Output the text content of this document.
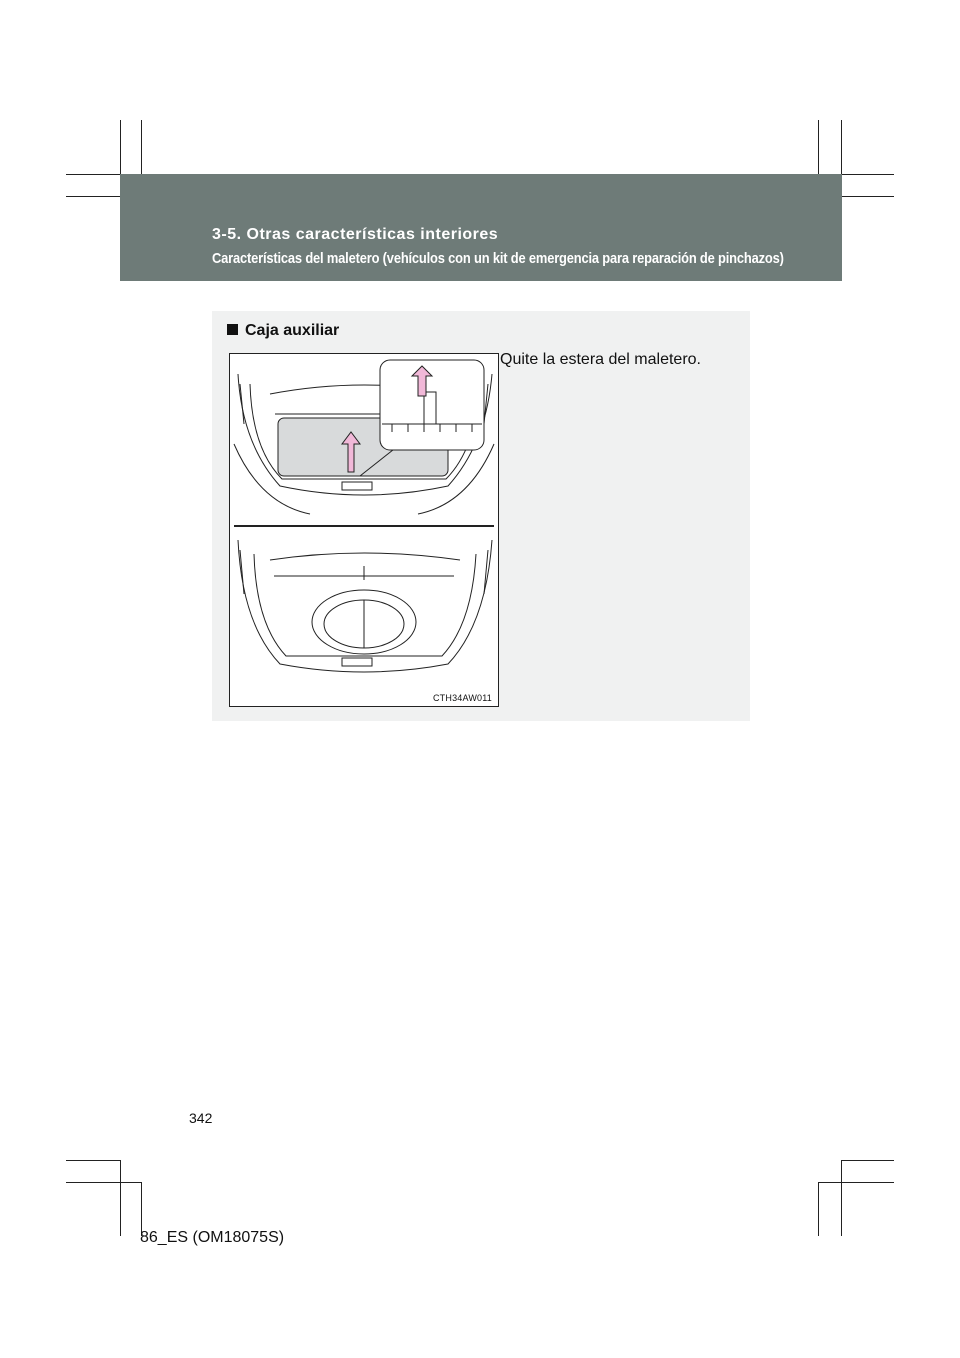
3-5. Otras características interiores
Características del maletero (vehículos con un kit de emergencia para reparación de pinchazos)
Caja auxiliar
CTH34AW011
Quite la estera del maletero.
342
86_ES (OM18075S)
